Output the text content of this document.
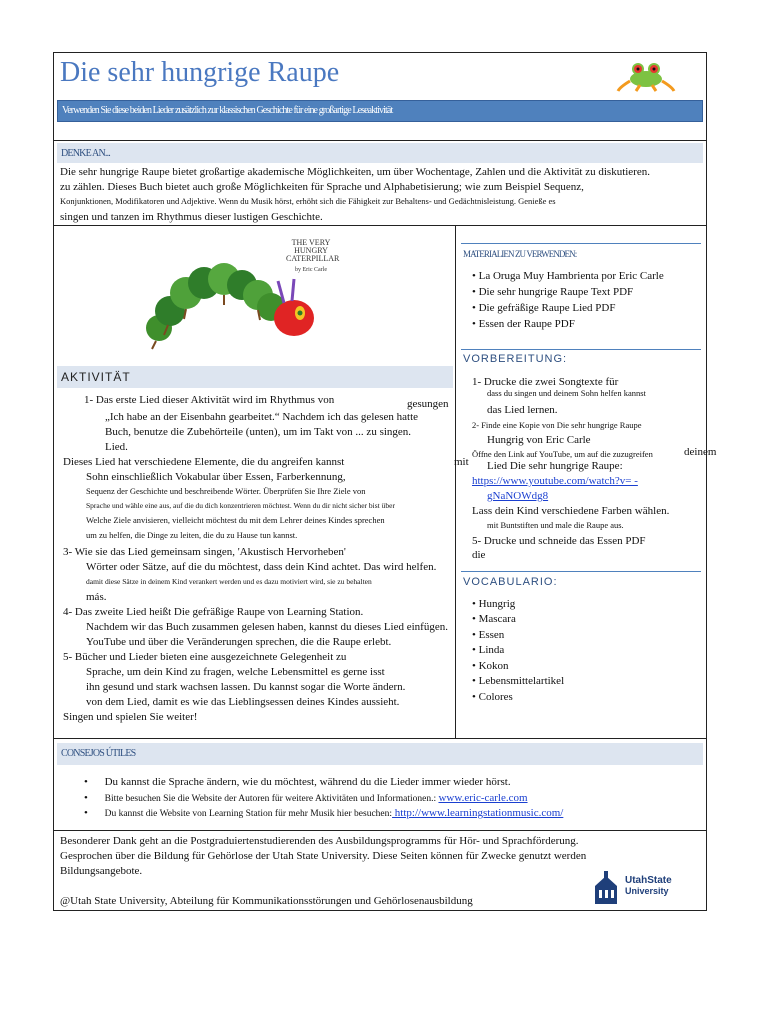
Die sehr hungrige Raupe
Verwenden Sie diese beiden Lieder zusätzlich zur klassischen Geschichte für eine großartige Leseaktivität
DENKE AN...
Die sehr hungrige Raupe bietet großartige akademische Möglichkeiten, um über Wochentage, Zahlen und die Aktivität zu diskutieren.
zu zählen. Dieses Buch bietet auch große Möglichkeiten für Sprache und Alphabetisierung; wie zum Beispiel Sequenz,
Konjunktionen, Modifikatoren und Adjektive. Wenn du Musik hörst, erhöht sich die Fähigkeit zur Behaltens- und Gedächtnisleistung. Genieße es
singen und tanzen im Rhythmus dieser lustigen Geschichte.
THE VERY
HUNGRY
CATERPILLAR
by Eric Carle
AKTIVITÄT
1- Das erste Lied dieser Aktivität wird im Rhythmus von	gesungen
„Ich habe an der Eisenbahn gearbeitet.“ Nachdem ich das gelesen hatte
Buch, benutze die Zubehörteile (unten), um im Takt von ... zu singen.
Lied.
Dieses Lied hat verschiedene Elemente, die du angreifen kannst	mit
Sohn einschließlich Vokabular über Essen, Farberkennung,
Sequenz der Geschichte und beschreibende Wörter. Überprüfen Sie Ihre Ziele von
Sprache und wähle eine aus, auf die du dich konzentrieren möchtest. Wenn du dir nicht sicher bist über
Welche Ziele anvisieren, vielleicht möchtest du mit dem Lehrer deines Kindes sprechen
um zu helfen, die Dinge zu leiten, die du zu Hause tun kannst.
3- Wie sie das Lied gemeinsam singen, 'Akustisch Hervorheben'	die
Wörter oder Sätze, auf die du möchtest, dass dein Kind achtet. Das wird helfen.
damit diese Sätze in deinem Kind verankert werden und es dazu motiviert wird, sie zu behalten
más.
4- Das zweite Lied heißt Die gefräßige Raupe von Learning Station.
Nachdem wir das Buch zusammen gelesen haben, kannst du dieses Lied einfügen.
YouTube und über die Veränderungen sprechen, die die Raupe erlebt.
5- Bücher und Lieder bieten eine ausgezeichnete Gelegenheit zu
Sprache, um dein Kind zu fragen, welche Lebensmittel es gerne isst
ihn gesund und stark wachsen lassen. Du kannst sogar die Worte ändern.
von dem Lied, damit es wie das Lieblingsessen deines Kindes aussieht.
Singen und spielen Sie weiter!
MATERIALIEN ZU VERWENDEN:
• La Oruga Muy Hambrienta por Eric Carle
• Die sehr hungrige Raupe Text PDF
• Die gefräßige Raupe Lied PDF
• Essen der Raupe PDF
VORBEREITUNG:
1- Drucke die zwei Songtexte für
dass du singen und deinem Sohn helfen kannst
das Lied lernen.
2- Finde eine Kopie von Die sehr hungrige Raupe
Hungrig von Eric Carle
Öffne den Link auf YouTube, um auf die zuzugreifen	deinem
Lied Die sehr hungrige Raupe:
https://www.youtube.com/watch?v= -
gNaNOWdg8
Lass dein Kind verschiedene Farben wählen.
mit Buntstiften und male die Raupe aus.
5- Drucke und schneide das Essen PDF
VOCABULARIO:
• Hungrig
• Mascara
• Essen
• Linda
• Kokon
• Lebensmittelartikel
• Colores
CONSEJOS ÚTILES
• Du kannst die Sprache ändern, wie du möchtest, während du die Lieder immer wieder hörst.
• Bitte besuchen Sie die Website der Autoren für weitere Aktivitäten und Informationen.: www.eric-carle.com
• Du kannst die Website von Learning Station für mehr Musik hier besuchen: http://www.learningstationmusic.com/
Besonderer Dank geht an die Postgraduiertenstudierenden des Ausbildungsprogramms für Hör- und Sprachförderung.
Gesprochen über die Bildung für Gehörlose der Utah State University. Diese Seiten können für Zwecke genutzt werden
Bildungsangebote.
@Utah State University, Abteilung für Kommunikationsstörungen und Gehörlosenausbildung
UtahState
University
